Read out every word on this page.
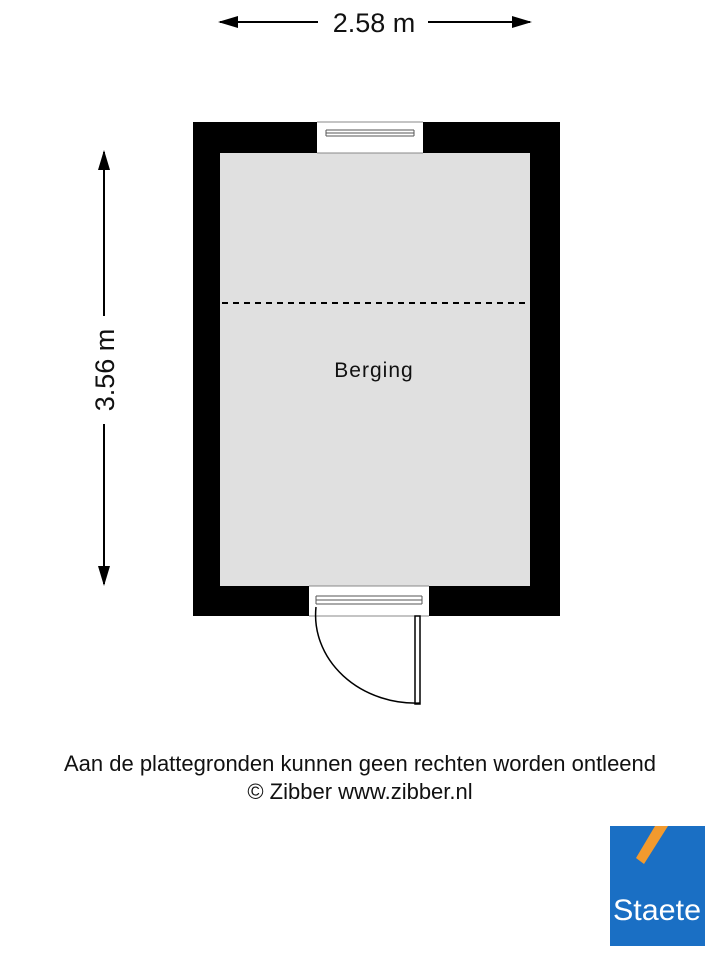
2.58 m
3.56 m	Berging
Aan de plattegronden kunnen geen rechten worden ontleend
© Zibber www.zibber.nl
Staete
